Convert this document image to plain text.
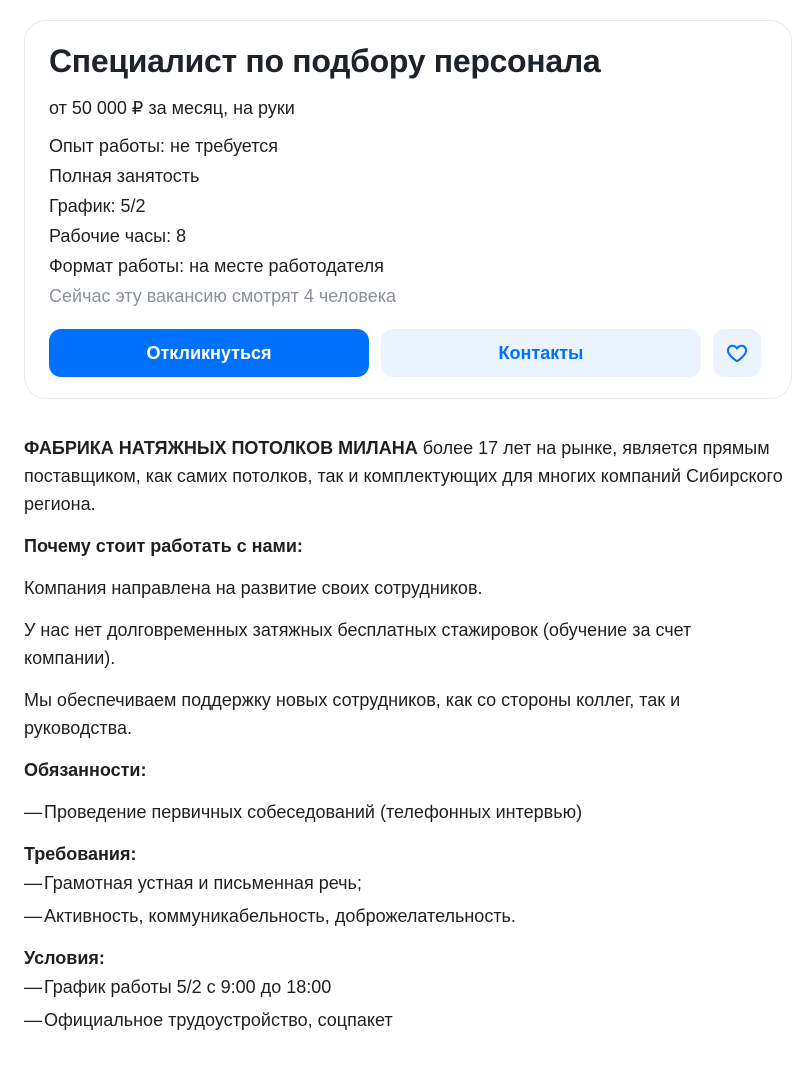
Специалист по подбору персонала
от 50 000 ₽ за месяц, на руки
Опыт работы: не требуется
Полная занятость
График: 5/2
Рабочие часы: 8
Формат работы: на месте работодателя
Сейчас эту вакансию смотрят 4 человека
Откликнуться	Контакты

ФАБРИКА НАТЯЖНЫХ ПОТОЛКОВ МИЛАНА более 17 лет на рынке, является прямым поставщиком, как самих потолков, так и комплектующих для многих компаний Сибирского региона.

Почему стоит работать с нами:

Компания направлена на развитие своих сотрудников.

У нас нет долговременных затяжных бесплатных стажировок (обучение за счет компании).

Мы обеспечиваем поддержку новых сотрудников, как со стороны коллег, так и руководства.

Обязанности:

— Проведение первичных собеседований (телефонных интервью)

Требования:

— Грамотная устная и письменная речь;
— Активность, коммуникабельность, доброжелательность.

Условия:

— График работы 5/2 с 9:00 до 18:00
— Официальное трудоустройство, соцпакет
